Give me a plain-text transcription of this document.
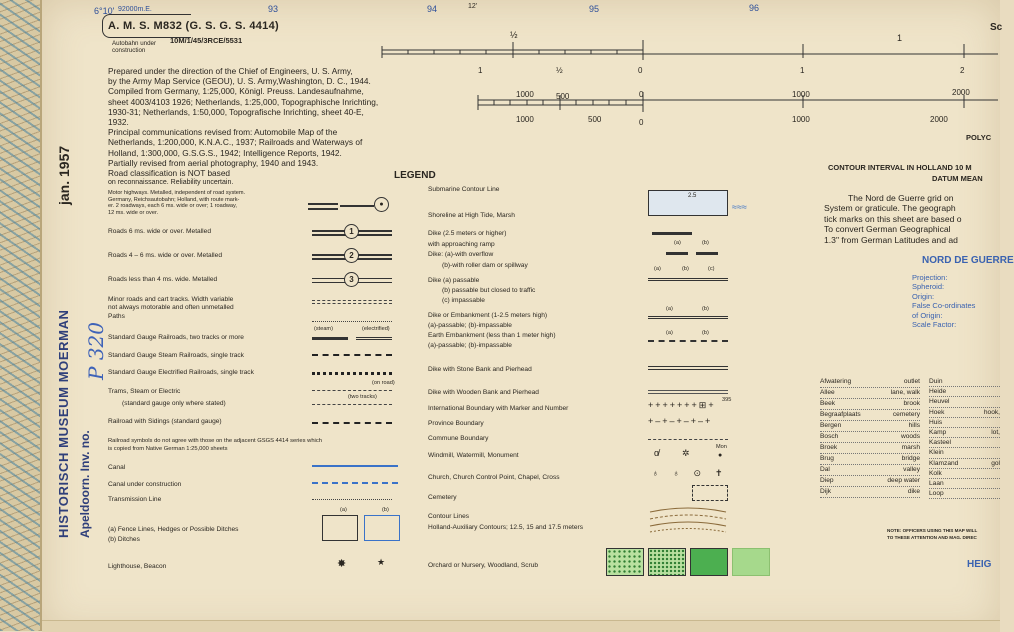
6°10' 92000m.E.	93	94	12'	95	96
Sc
A. M. S. M832 (G. S. G. S. 4414)
10M/1/45/3RCE/5531
Autobahn under construction
Prepared under the direction of the Chief of Engineers, U. S. Army,
by the Army Map Service (GEOU), U. S. Army,Washington, D. C., 1944.
Compiled from Germany, 1:25,000, Königl. Preuss. Landesaufnahme,
sheet 4003/4103 1926; Netherlands, 1:25,000, Topographische Inrichting,
1930-31; Netherlands, 1:50,000, Topografische Inrichting, sheet 40-E,
1932.
Principal communications revised from: Automobile Map of the
Netherlands, 1:200,000, K.N.A.C., 1937; Railroads and Waterways of
Holland, 1:300,000, G.S.G.S., 1942; Intelligence Reports, 1942.
Partially revised from aerial photography, 1940 and 1943.
Road classification is NOT based
on reconnaissance. Reliability uncertain.
jan. 1957
HISTORISCH MUSEUM MOERMAN Apeldoorn. Inv. no.
P 320
½	1
1	½	0	1	2
1000	500	0	1000	2000
1000	500	0	1000	2000
POLYC
LEGEND
Motor highways. Metalled, independent of road system.
Germany, Reichsautobahn; Holland, with route mark-
er. 2 roadways, each 6 ms. wide or over; 1 roadway,
12 ms. wide or over.
●
Roads 6 ms. wide or over. Metalled	1
Roads 4 – 6 ms. wide or over. Metalled	2
Roads less than 4 ms. wide. Metalled	3
Minor roads and cart tracks. Width variable
not always motorable and often unmetalled
Paths
(steam)	(electrified)
Standard Gauge Railroads, two tracks or more
Standard Gauge Steam Railroads, single track
Standard Gauge Electrified Railroads, single track
(on road)
Trams, Steam or Electric
(standard gauge only where stated)
(two tracks)
Railroad with Sidings (standard gauge)
Railroad symbols do not agree with those on the adjacent GSGS 4414 series which
is copied from Native German 1:25,000 sheets
Canal
Canal under construction
Transmission Line
(a)	(b)
(a) Fence Lines, Hedges or Possible Ditches
(b) Ditches
Lighthouse, Beacon	✸	★
Submarine Contour Line
2.5
≈≈≈
Shoreline at High Tide, Marsh
Dike (2.5 meters or higher)
with approaching ramp
Dike: (a)-with overflow
(b)-with roller dam or spillway
(a)	(b)
Dike (a) passable
(b) passable but closed to traffic
(c) impassable
(a)	(b)	(c)
Dike or Embankment (1-2.5 meters high)
(a)-passable; (b)-impassable
Earth Embankment (less than 1 meter high)
(a)-passable; (b)-impassable
(a)	(b)
(a)	(b)
Dike with Stone Bank and Pierhead
Dike with Wooden Bank and Pierhead
International Boundary with Marker and Number
395
+++++++⊞+
Province Boundary	+–+–+–+–+
Commune Boundary
Windmill, Watermill, Monument	ɑ̸	✲
Mon
●
Church, Church Control Point, Chapel, Cross	♁♁⊙✝
Cemetery
Contour Lines
Holland-Auxiliary Contours; 12.5, 15 and 17.5 meters
Orchard or Nursery, Woodland, Scrub
CONTOUR INTERVAL IN HOLLAND 10 M
DATUM MEAN
The Nord de Guerre grid on
System or graticule. The geograph
tick marks on this sheet are based o
To convert German Geographical
1.3" from German Latitudes and ad
NORD DE GUERRE
Projection:
Spheroid:
Origin:
False Co-ordinates
of Origin:
Scale Factor:
Afwatering	outlet
Allee	lane, walk
Beek	brook
Begraafplaats	cemetery
Bergen	hills
Bosch	woods
Broek	marsh
Brug	bridge
Dal	valley
Diep	deep water
Dijk	dike
Duin
Heide
Heuvel
Hoek	hook,
Huis
Kamp	lot,
Kasteel
Klein
Klamzand	gol
Kolk
Laan
Loop
NOTE: OFFICERS USING THIS MAP WILL
TO THESE ATTENTION AND MAG. DIREC
HEIG
